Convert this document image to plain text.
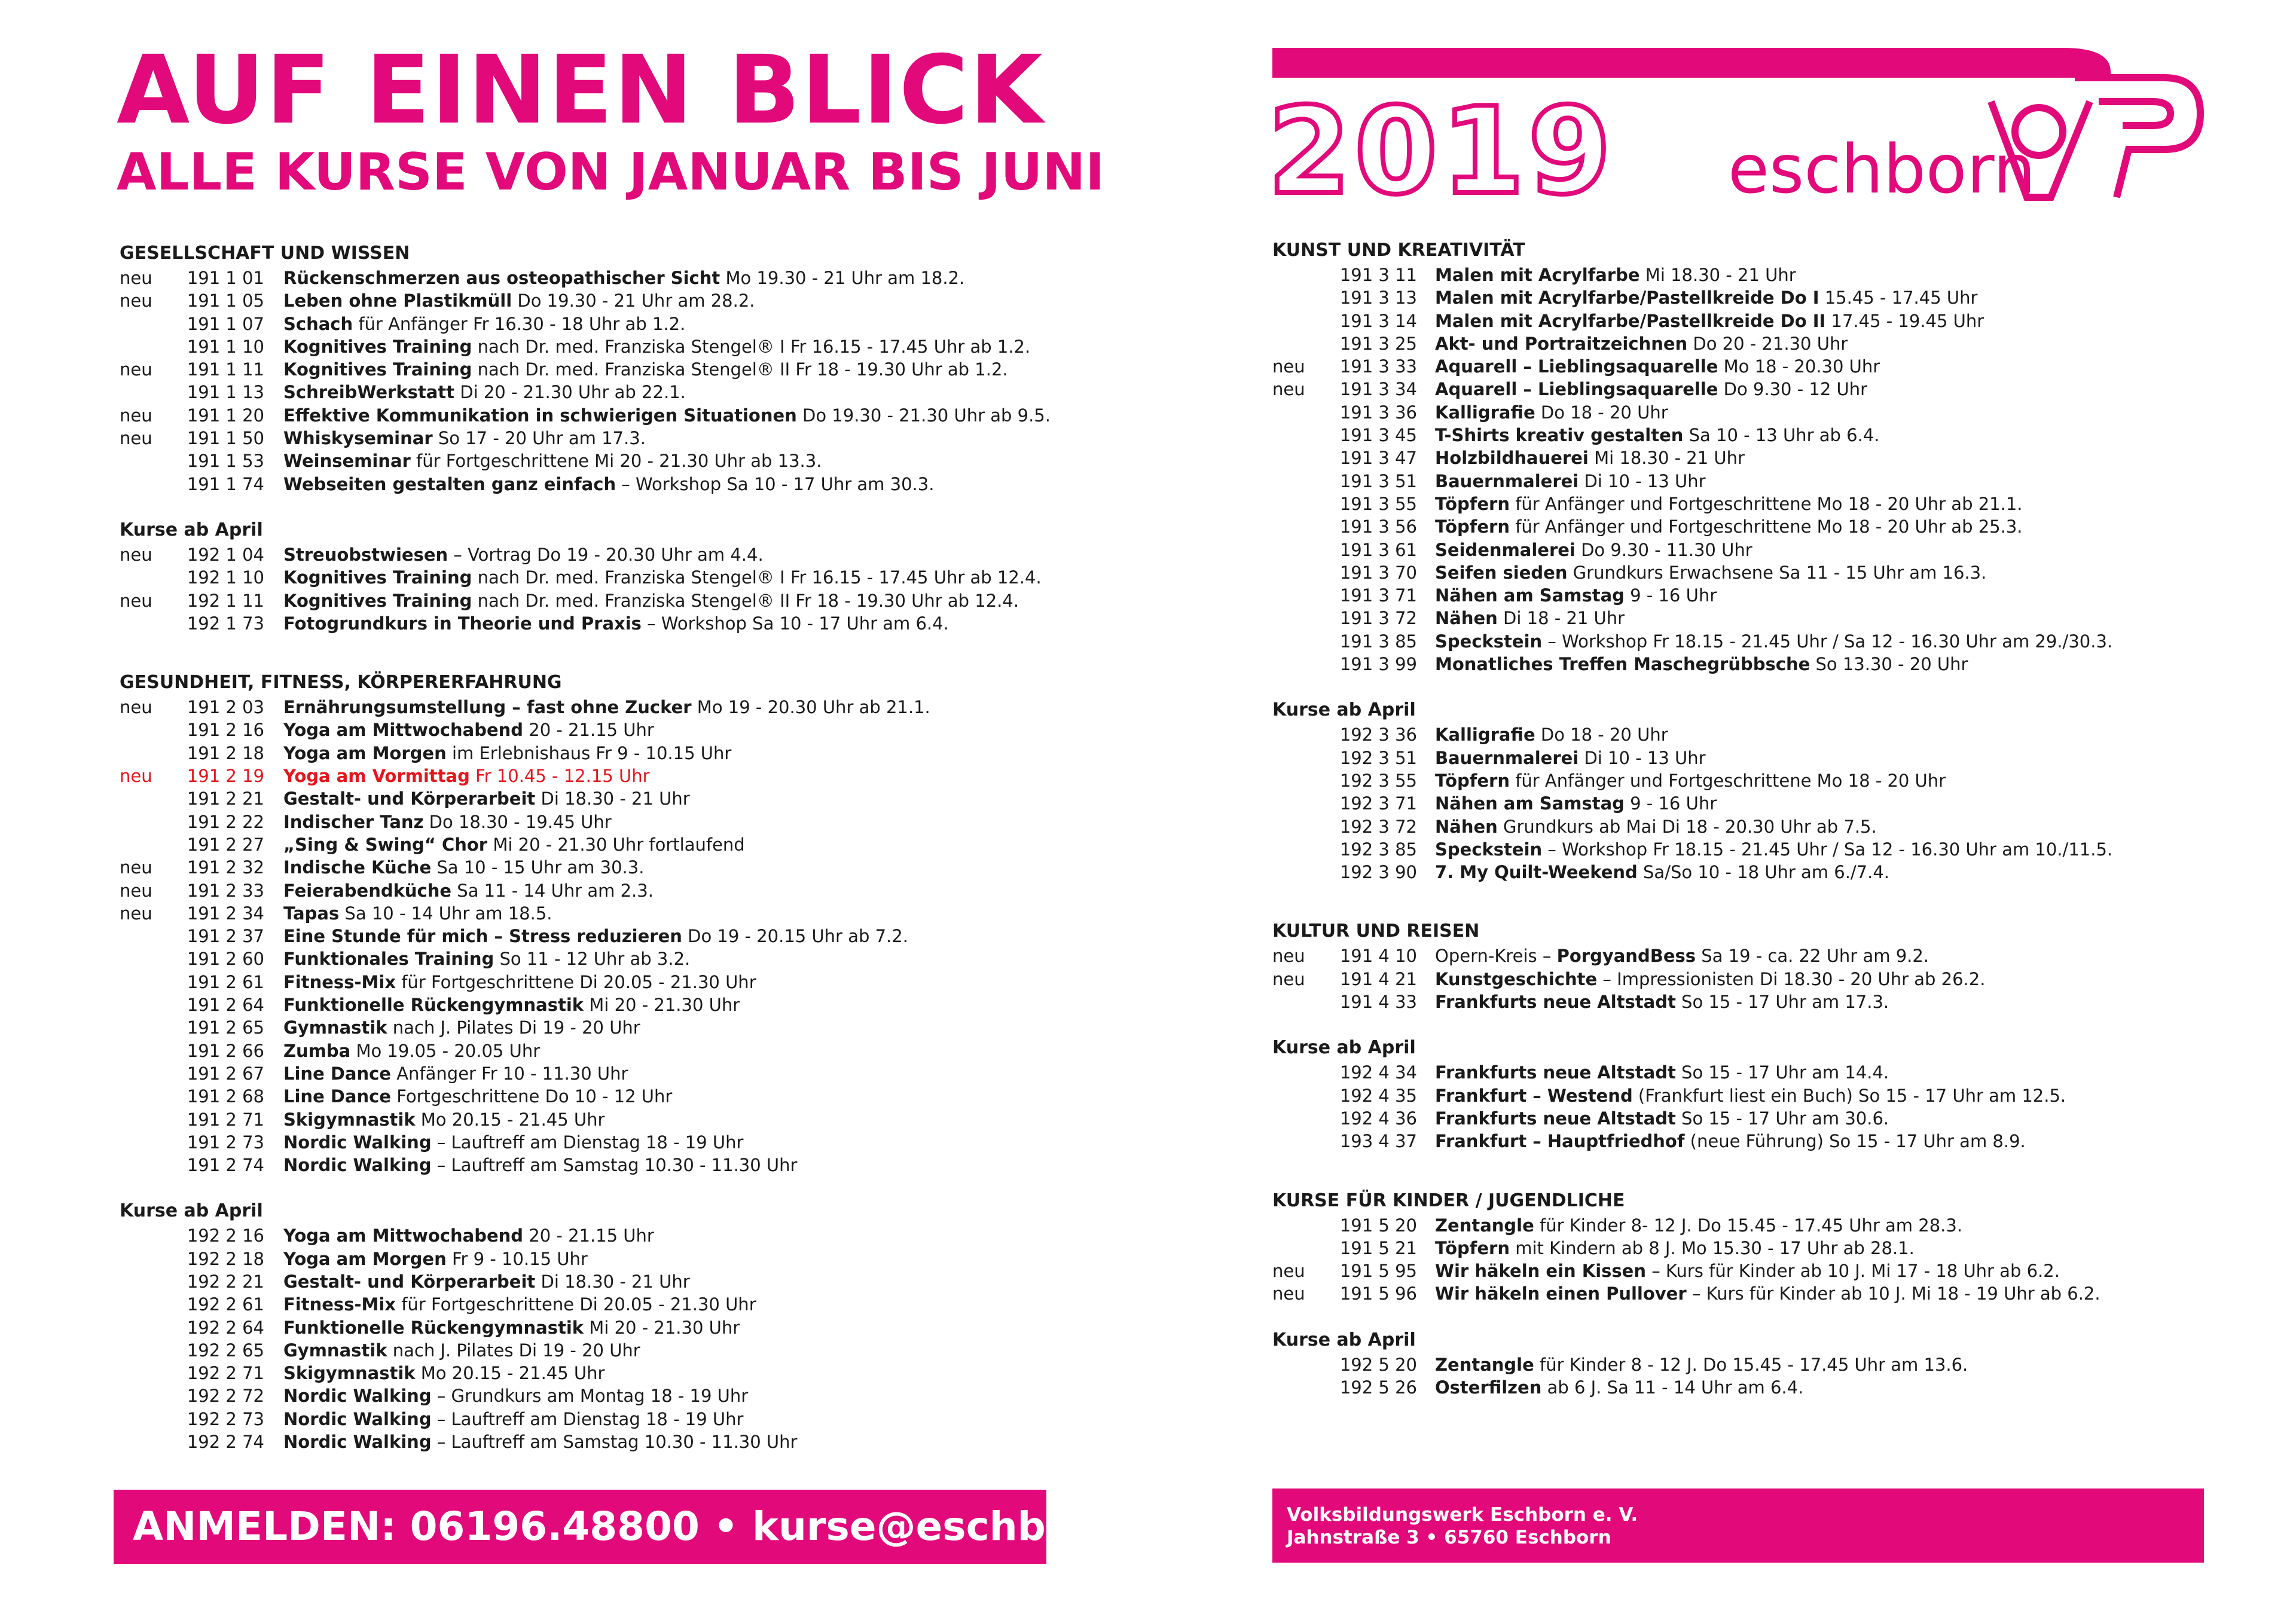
AUF EINEN BLICK
ALLE KURSE VON JANUAR BIS JUNI 2019 eschborn
GESELLSCHAFT UND WISSEN
neu	191 1 01 Rückenschmerzen aus osteopathischer Sicht Mo 19.30 - 21 Uhr am 18.2.
neu	191 1 05 Leben ohne Plastikmüll Do 19.30 - 21 Uhr am 28.2.
191 1 07 Schach für Anfänger Fr 16.30 - 18 Uhr ab 1.2.
191 1 10 Kognitives Training nach Dr. med. Franziska Stengel® I Fr 16.15 - 17.45 Uhr ab 1.2.
neu	191 1 11 Kognitives Training nach Dr. med. Franziska Stengel® II Fr 18 - 19.30 Uhr ab 1.2.
191 1 13 SchreibWerkstatt Di 20 - 21.30 Uhr ab 22.1.
neu	191 1 20 Effektive Kommunikation in schwierigen Situationen Do 19.30 - 21.30 Uhr ab 9.5.
neu	191 1 50 Whiskyseminar So 17 - 20 Uhr am 17.3.
191 1 53 Weinseminar für Fortgeschrittene Mi 20 - 21.30 Uhr ab 13.3.
191 1 74 Webseiten gestalten ganz einfach – Workshop Sa 10 - 17 Uhr am 30.3.
Kurse ab April
neu	192 1 04 Streuobstwiesen – Vortrag Do 19 - 20.30 Uhr am 4.4.
192 1 10 Kognitives Training nach Dr. med. Franziska Stengel® I Fr 16.15 - 17.45 Uhr ab 12.4.
neu	192 1 11 Kognitives Training nach Dr. med. Franziska Stengel® II Fr 18 - 19.30 Uhr ab 12.4.
192 1 73 Fotogrundkurs in Theorie und Praxis – Workshop Sa 10 - 17 Uhr am 6.4.
GESUNDHEIT, FITNESS, KÖRPERERFAHRUNG
neu	191 2 03 Ernährungsumstellung – fast ohne Zucker Mo 19 - 20.30 Uhr ab 21.1.
191 2 16 Yoga am Mittwochabend 20 - 21.15 Uhr
191 2 18 Yoga am Morgen im Erlebnishaus Fr 9 - 10.15 Uhr
neu	191 2 19 Yoga am Vormittag Fr 10.45 - 12.15 Uhr
191 2 21 Gestalt- und Körperarbeit Di 18.30 - 21 Uhr
191 2 22 Indischer Tanz Do 18.30 - 19.45 Uhr
191 2 27 „Sing & Swing“ Chor Mi 20 - 21.30 Uhr fortlaufend
neu	191 2 32 Indische Küche Sa 10 - 15 Uhr am 30.3.
neu	191 2 33 Feierabendküche Sa 11 - 14 Uhr am 2.3.
neu	191 2 34 Tapas Sa 10 - 14 Uhr am 18.5.
191 2 37 Eine Stunde für mich – Stress reduzieren Do 19 - 20.15 Uhr ab 7.2.
191 2 60 Funktionales Training So 11 - 12 Uhr ab 3.2.
191 2 61 Fitness-Mix für Fortgeschrittene Di 20.05 - 21.30 Uhr
191 2 64 Funktionelle Rückengymnastik Mi 20 - 21.30 Uhr
191 2 65 Gymnastik nach J. Pilates Di 19 - 20 Uhr
191 2 66 Zumba Mo 19.05 - 20.05 Uhr
191 2 67 Line Dance Anfänger Fr 10 - 11.30 Uhr
191 2 68 Line Dance Fortgeschrittene Do 10 - 12 Uhr
191 2 71 Skigymnastik Mo 20.15 - 21.45 Uhr
191 2 73 Nordic Walking – Lauftreff am Dienstag 18 - 19 Uhr
191 2 74 Nordic Walking – Lauftreff am Samstag 10.30 - 11.30 Uhr
Kurse ab April
192 2 16 Yoga am Mittwochabend 20 - 21.15 Uhr
192 2 18 Yoga am Morgen Fr 9 - 10.15 Uhr
192 2 21 Gestalt- und Körperarbeit Di 18.30 - 21 Uhr
192 2 61 Fitness-Mix für Fortgeschrittene Di 20.05 - 21.30 Uhr
192 2 64 Funktionelle Rückengymnastik Mi 20 - 21.30 Uhr
192 2 65 Gymnastik nach J. Pilates Di 19 - 20 Uhr
192 2 71 Skigymnastik Mo 20.15 - 21.45 Uhr
192 2 72 Nordic Walking – Grundkurs am Montag 18 - 19 Uhr
192 2 73 Nordic Walking – Lauftreff am Dienstag 18 - 19 Uhr
192 2 74 Nordic Walking – Lauftreff am Samstag 10.30 - 11.30 Uhr
KUNST UND KREATIVITÄT
191 3 11 Malen mit Acrylfarbe Mi 18.30 - 21 Uhr
191 3 13 Malen mit Acrylfarbe/Pastellkreide Do I 15.45 - 17.45 Uhr
191 3 14 Malen mit Acrylfarbe/Pastellkreide Do II 17.45 - 19.45 Uhr
191 3 25 Akt- und Portraitzeichnen Do 20 - 21.30 Uhr
neu	191 3 33 Aquarell – Lieblingsaquarelle Mo 18 - 20.30 Uhr
neu	191 3 34 Aquarell – Lieblingsaquarelle Do 9.30 - 12 Uhr
191 3 36 Kalligrafie Do 18 - 20 Uhr
191 3 45 T-Shirts kreativ gestalten Sa 10 - 13 Uhr ab 6.4.
191 3 47 Holzbildhauerei Mi 18.30 - 21 Uhr
191 3 51 Bauernmalerei Di 10 - 13 Uhr
191 3 55 Töpfern für Anfänger und Fortgeschrittene Mo 18 - 20 Uhr ab 21.1.
191 3 56 Töpfern für Anfänger und Fortgeschrittene Mo 18 - 20 Uhr ab 25.3.
191 3 61 Seidenmalerei Do 9.30 - 11.30 Uhr
191 3 70 Seifen sieden Grundkurs Erwachsene Sa 11 - 15 Uhr am 16.3.
191 3 71 Nähen am Samstag 9 - 16 Uhr
191 3 72 Nähen Di 18 - 21 Uhr
191 3 85 Speckstein – Workshop Fr 18.15 - 21.45 Uhr / Sa 12 - 16.30 Uhr am 29./30.3.
191 3 99 Monatliches Treffen Maschegrübbsche So 13.30 - 20 Uhr
Kurse ab April
192 3 36 Kalligrafie Do 18 - 20 Uhr
192 3 51 Bauernmalerei Di 10 - 13 Uhr
192 3 55 Töpfern für Anfänger und Fortgeschrittene Mo 18 - 20 Uhr
192 3 71 Nähen am Samstag 9 - 16 Uhr
192 3 72 Nähen Grundkurs ab Mai Di 18 - 20.30 Uhr ab 7.5.
192 3 85 Speckstein – Workshop Fr 18.15 - 21.45 Uhr / Sa 12 - 16.30 Uhr am 10./11.5.
192 3 90 7. My Quilt-Weekend Sa/So 10 - 18 Uhr am 6./7.4.
KULTUR UND REISEN
neu	191 4 10 Opern-Kreis – PorgyandBess Sa 19 - ca. 22 Uhr am 9.2.
neu	191 4 21 Kunstgeschichte – Impressionisten Di 18.30 - 20 Uhr ab 26.2.
191 4 33 Frankfurts neue Altstadt So 15 - 17 Uhr am 17.3.
Kurse ab April
192 4 34 Frankfurts neue Altstadt So 15 - 17 Uhr am 14.4.
192 4 35 Frankfurt – Westend (Frankfurt liest ein Buch) So 15 - 17 Uhr am 12.5.
192 4 36 Frankfurts neue Altstadt So 15 - 17 Uhr am 30.6.
193 4 37 Frankfurt – Hauptfriedhof (neue Führung) So 15 - 17 Uhr am 8.9.
KURSE FÜR KINDER / JUGENDLICHE
191 5 20 Zentangle für Kinder 8- 12 J. Do 15.45 - 17.45 Uhr am 28.3.
191 5 21 Töpfern mit Kindern ab 8 J. Mo 15.30 - 17 Uhr ab 28.1.
neu	191 5 95 Wir häkeln ein Kissen – Kurs für Kinder ab 10 J. Mi 17 - 18 Uhr ab 6.2.
neu	191 5 96 Wir häkeln einen Pullover – Kurs für Kinder ab 10 J. Mi 18 - 19 Uhr ab 6.2.
Kurse ab April
192 5 20 Zentangle für Kinder 8 - 12 J. Do 15.45 - 17.45 Uhr am 13.6.
192 5 26 Osterfilzen ab 6 J. Sa 11 - 14 Uhr am 6.4.
ANMELDEN: 06196.48800 • kurse@eschborn-v.de	Volksbildungswerk Eschborn e. V.
Jahnstraße 3 • 65760 Eschborn
